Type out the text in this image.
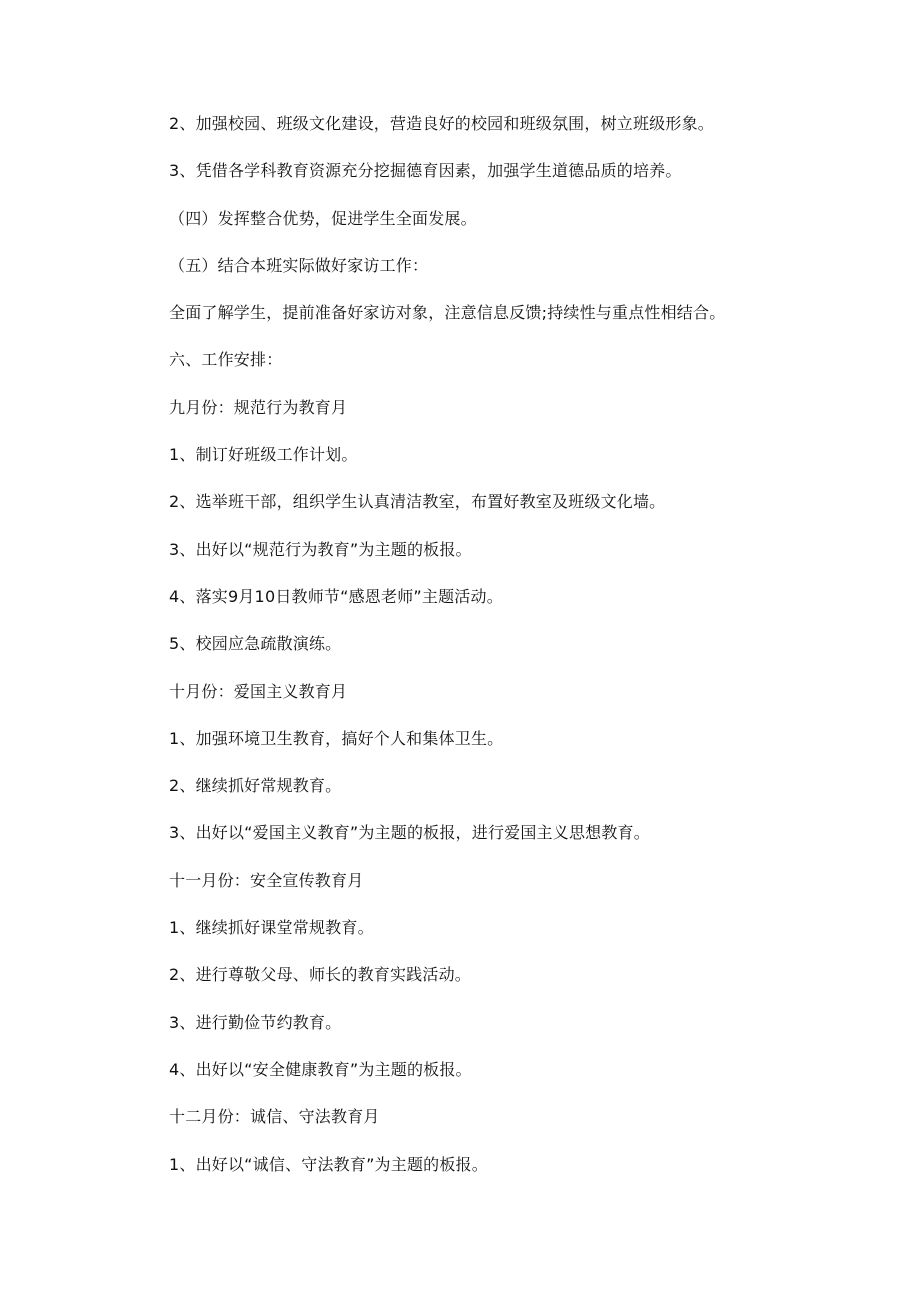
2、加强校园、班级文化建设，营造良好的校园和班级氛围，树立班级形象。
3、凭借各学科教育资源充分挖掘德育因素，加强学生道德品质的培养。
（四）发挥整合优势，促进学生全面发展。
（五）结合本班实际做好家访工作：
全面了解学生，提前准备好家访对象，注意信息反馈;持续性与重点性相结合。
六、工作安排：
九月份：规范行为教育月
1、制订好班级工作计划。
2、选举班干部，组织学生认真清洁教室，布置好教室及班级文化墙。
3、出好以“规范行为教育”为主题的板报。
4、落实9月10日教师节“感恩老师”主题活动。
5、校园应急疏散演练。
十月份：爱国主义教育月
1、加强环境卫生教育，搞好个人和集体卫生。
2、继续抓好常规教育。
3、出好以“爱国主义教育”为主题的板报，进行爱国主义思想教育。
十一月份：安全宣传教育月
1、继续抓好课堂常规教育。
2、进行尊敬父母、师长的教育实践活动。
3、进行勤俭节约教育。
4、出好以“安全健康教育”为主题的板报。
十二月份：诚信、守法教育月
1、出好以“诚信、守法教育”为主题的板报。
